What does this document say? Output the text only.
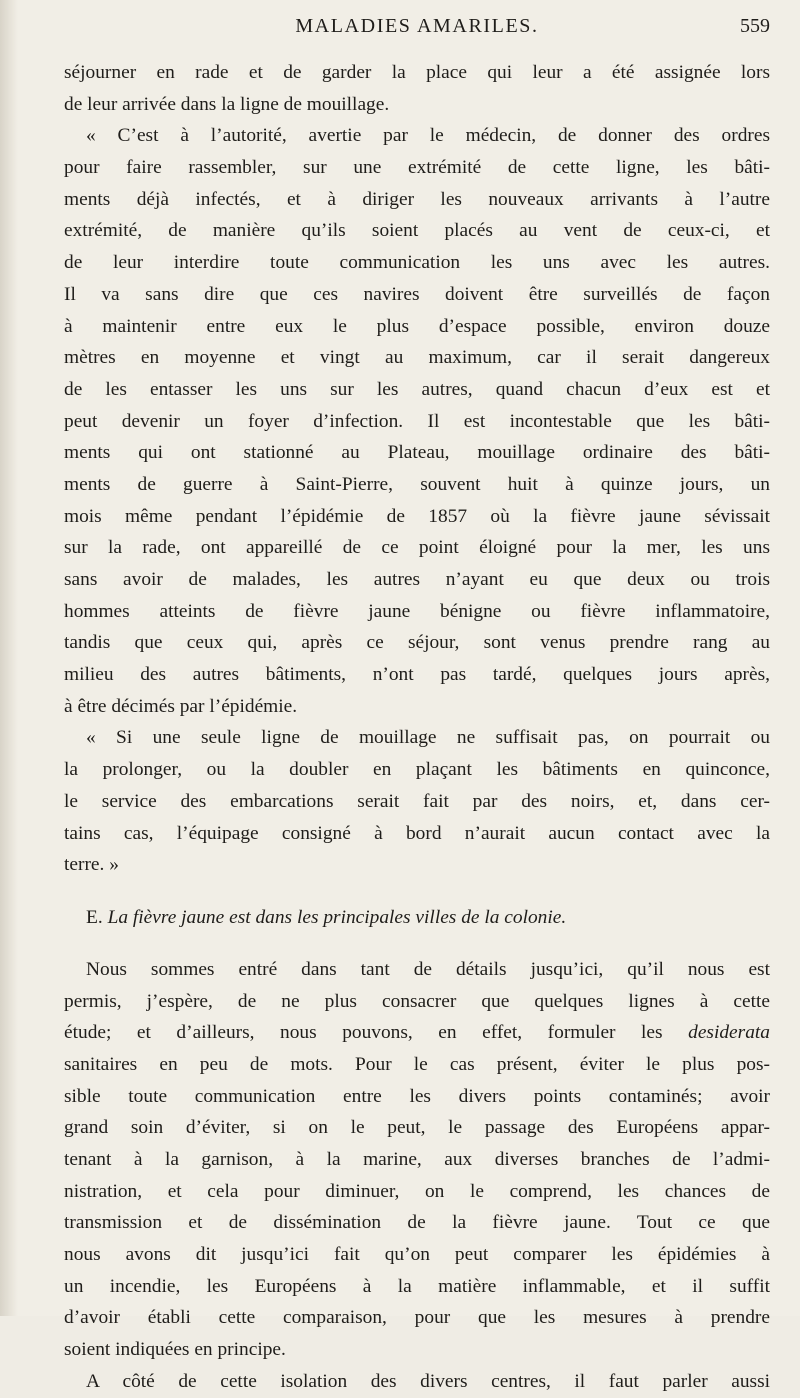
MALADIES AMARILES.	559
séjourner en rade et de garder la place qui leur a été assignée lors
de leur arrivée dans la ligne de mouillage.
« C’est à l’autorité, avertie par le médecin, de donner des ordres
pour faire rassembler, sur une extrémité de cette ligne, les bâti-
ments déjà infectés, et à diriger les nouveaux arrivants à l’autre
extrémité, de manière qu’ils soient placés au vent de ceux-ci, et
de leur interdire toute communication les uns avec les autres.
Il va sans dire que ces navires doivent être surveillés de façon
à maintenir entre eux le plus d’espace possible, environ douze
mètres en moyenne et vingt au maximum, car il serait dangereux
de les entasser les uns sur les autres, quand chacun d’eux est et
peut devenir un foyer d’infection. Il est incontestable que les bâti-
ments qui ont stationné au Plateau, mouillage ordinaire des bâti-
ments de guerre à Saint-Pierre, souvent huit à quinze jours, un
mois même pendant l’épidémie de 1857 où la fièvre jaune sévissait
sur la rade, ont appareillé de ce point éloigné pour la mer, les uns
sans avoir de malades, les autres n’ayant eu que deux ou trois
hommes atteints de fièvre jaune bénigne ou fièvre inflammatoire,
tandis que ceux qui, après ce séjour, sont venus prendre rang au
milieu des autres bâtiments, n’ont pas tardé, quelques jours après,
à être décimés par l’épidémie.
« Si une seule ligne de mouillage ne suffisait pas, on pourrait ou
la prolonger, ou la doubler en plaçant les bâtiments en quinconce,
le service des embarcations serait fait par des noirs, et, dans cer-
tains cas, l’équipage consigné à bord n’aurait aucun contact avec la
terre. »
E. La fièvre jaune est dans les principales villes de la colonie.
Nous sommes entré dans tant de détails jusqu’ici, qu’il nous est
permis, j’espère, de ne plus consacrer que quelques lignes à cette
étude; et d’ailleurs, nous pouvons, en effet, formuler les desiderata
sanitaires en peu de mots. Pour le cas présent, éviter le plus pos-
sible toute communication entre les divers points contaminés; avoir
grand soin d’éviter, si on le peut, le passage des Européens appar-
tenant à la garnison, à la marine, aux diverses branches de l’admi-
nistration, et cela pour diminuer, on le comprend, les chances de
transmission et de dissémination de la fièvre jaune. Tout ce que
nous avons dit jusqu’ici fait qu’on peut comparer les épidémies à
un incendie, les Européens à la matière inflammable, et il suffit
d’avoir établi cette comparaison, pour que les mesures à prendre
soient indiquées en principe.
A côté de cette isolation des divers centres, il faut parler aussi
